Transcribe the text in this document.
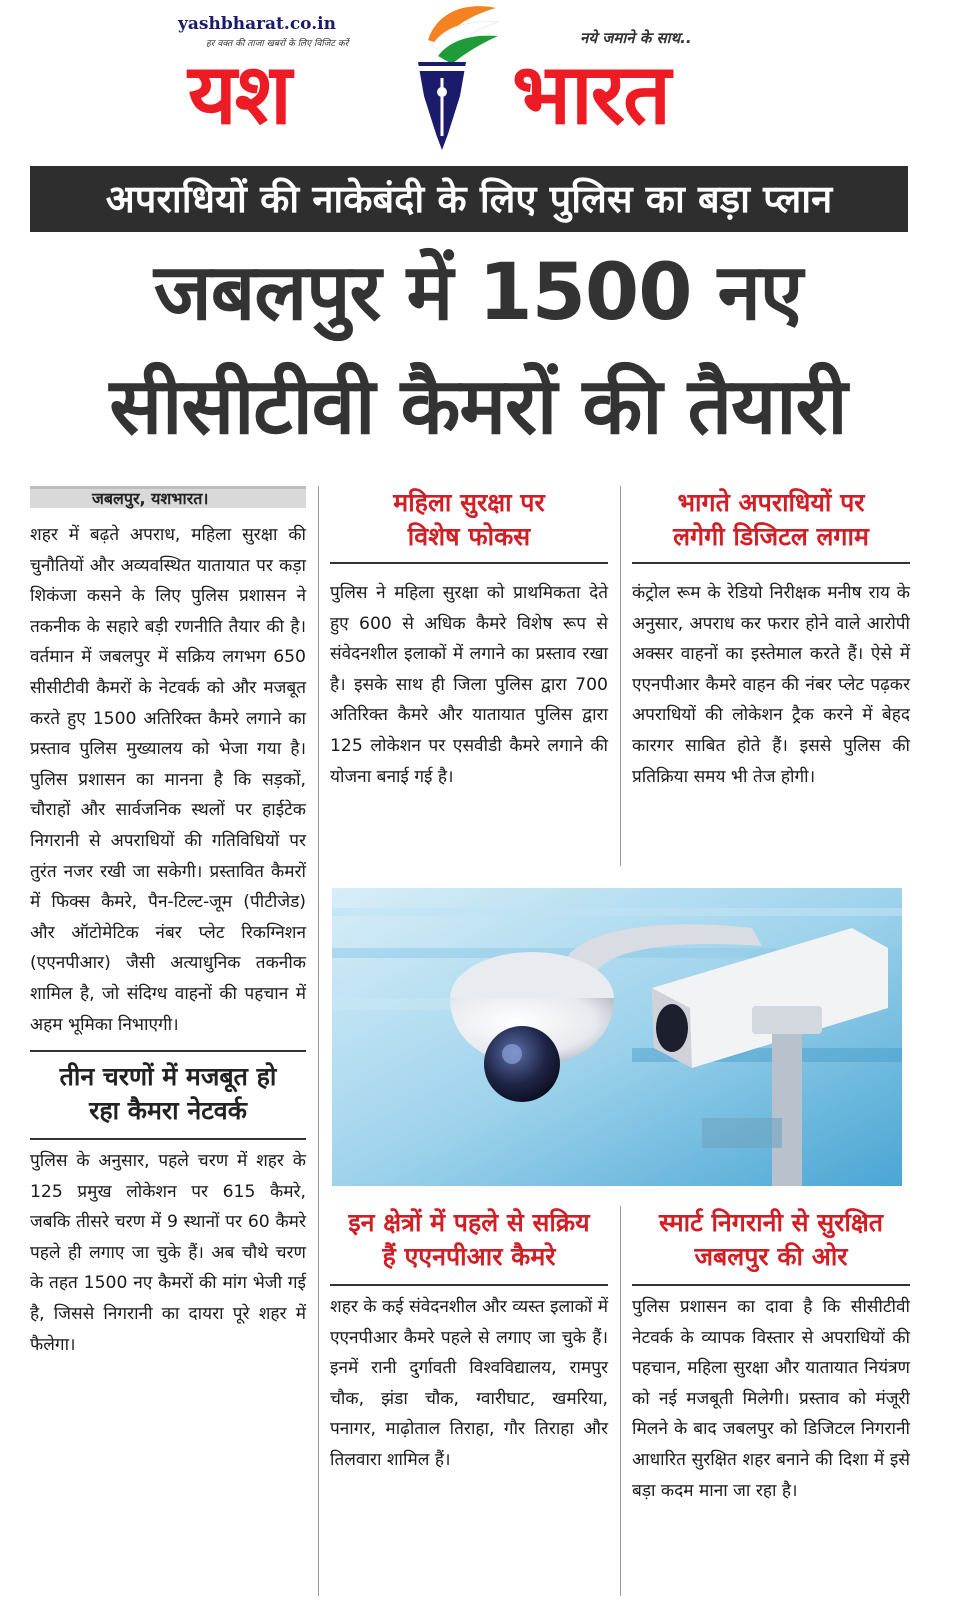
yashbharat.co.in
हर वक्त की ताजा खबरों के लिए विजिट करें	नये जमाने के साथ..
यश	भारत
अपराधियों की नाकेबंदी के लिए पुलिस का बड़ा प्लान
जबलपुर में 1500 नए
सीसीटीवी कैमरों की तैयारी
जबलपुर, यशभारत।

शहर में बढ़ते अपराध, महिला सुरक्षा की चुनौतियों और अव्यवस्थित यातायात पर कड़ा शिकंजा कसने के लिए पुलिस प्रशासन ने तकनीक के सहारे बड़ी रणनीति तैयार की है। वर्तमान में जबलपुर में सक्रिय लगभग 650 सीसीटीवी कैमरों के नेटवर्क को और मजबूत करते हुए 1500 अतिरिक्त कैमरे लगाने का प्रस्ताव पुलिस मुख्यालय को भेजा गया है। पुलिस प्रशासन का मानना है कि सड़कों, चौराहों और सार्वजनिक स्थलों पर हाईटेक निगरानी से अपराधियों की गतिविधियों पर तुरंत नजर रखी जा सकेगी। प्रस्तावित कैमरों में फिक्स कैमरे, पैन-टिल्ट-जूम (पीटीजेड) और ऑटोमेटिक नंबर प्लेट रिकग्निशन (एएनपीआर) जैसी अत्याधुनिक तकनीक शामिल है, जो संदिग्ध वाहनों की पहचान में अहम भूमिका निभाएगी।

तीन चरणों में मजबूत हो
रहा कैमरा नेटवर्क

पुलिस के अनुसार, पहले चरण में शहर के 125 प्रमुख लोकेशन पर 615 कैमरे, जबकि तीसरे चरण में 9 स्थानों पर 60 कैमरे पहले ही लगाए जा चुके हैं। अब चौथे चरण के तहत 1500 नए कैमरों की मांग भेजी गई है, जिससे निगरानी का दायरा पूरे शहर में फैलेगा।

महिला सुरक्षा पर
विशेष फोकस

पुलिस ने महिला सुरक्षा को प्राथमिकता देते हुए 600 से अधिक कैमरे विशेष रूप से संवेदनशील इलाकों में लगाने का प्रस्ताव रखा है। इसके साथ ही जिला पुलिस द्वारा 700 अतिरिक्त कैमरे और यातायात पुलिस द्वारा 125 लोकेशन पर एसवीडी कैमरे लगाने की योजना बनाई गई है।

भागते अपराधियों पर
लगेगी डिजिटल लगाम

कंट्रोल रूम के रेडियो निरीक्षक मनीष राय के अनुसार, अपराध कर फरार होने वाले आरोपी अक्सर वाहनों का इस्तेमाल करते हैं। ऐसे में एएनपीआर कैमरे वाहन की नंबर प्लेट पढ़कर अपराधियों की लोकेशन ट्रैक करने में बेहद कारगर साबित होते हैं। इससे पुलिस की प्रतिक्रिया समय भी तेज होगी।

इन क्षेत्रों में पहले से सक्रिय
हैं एएनपीआर कैमरे

शहर के कई संवेदनशील और व्यस्त इलाकों में एएनपीआर कैमरे पहले से लगाए जा चुके हैं। इनमें रानी दुर्गावती विश्वविद्यालय, रामपुर चौक, झंडा चौक, ग्वारीघाट, खमरिया, पनागर, माढ़ोताल तिराहा, गौर तिराहा और तिलवारा शामिल हैं।

स्मार्ट निगरानी से सुरक्षित
जबलपुर की ओर

पुलिस प्रशासन का दावा है कि सीसीटीवी नेटवर्क के व्यापक विस्तार से अपराधियों की पहचान, महिला सुरक्षा और यातायात नियंत्रण को नई मजबूती मिलेगी। प्रस्ताव को मंजूरी मिलने के बाद जबलपुर को डिजिटल निगरानी आधारित सुरक्षित शहर बनाने की दिशा में इसे बड़ा कदम माना जा रहा है।
